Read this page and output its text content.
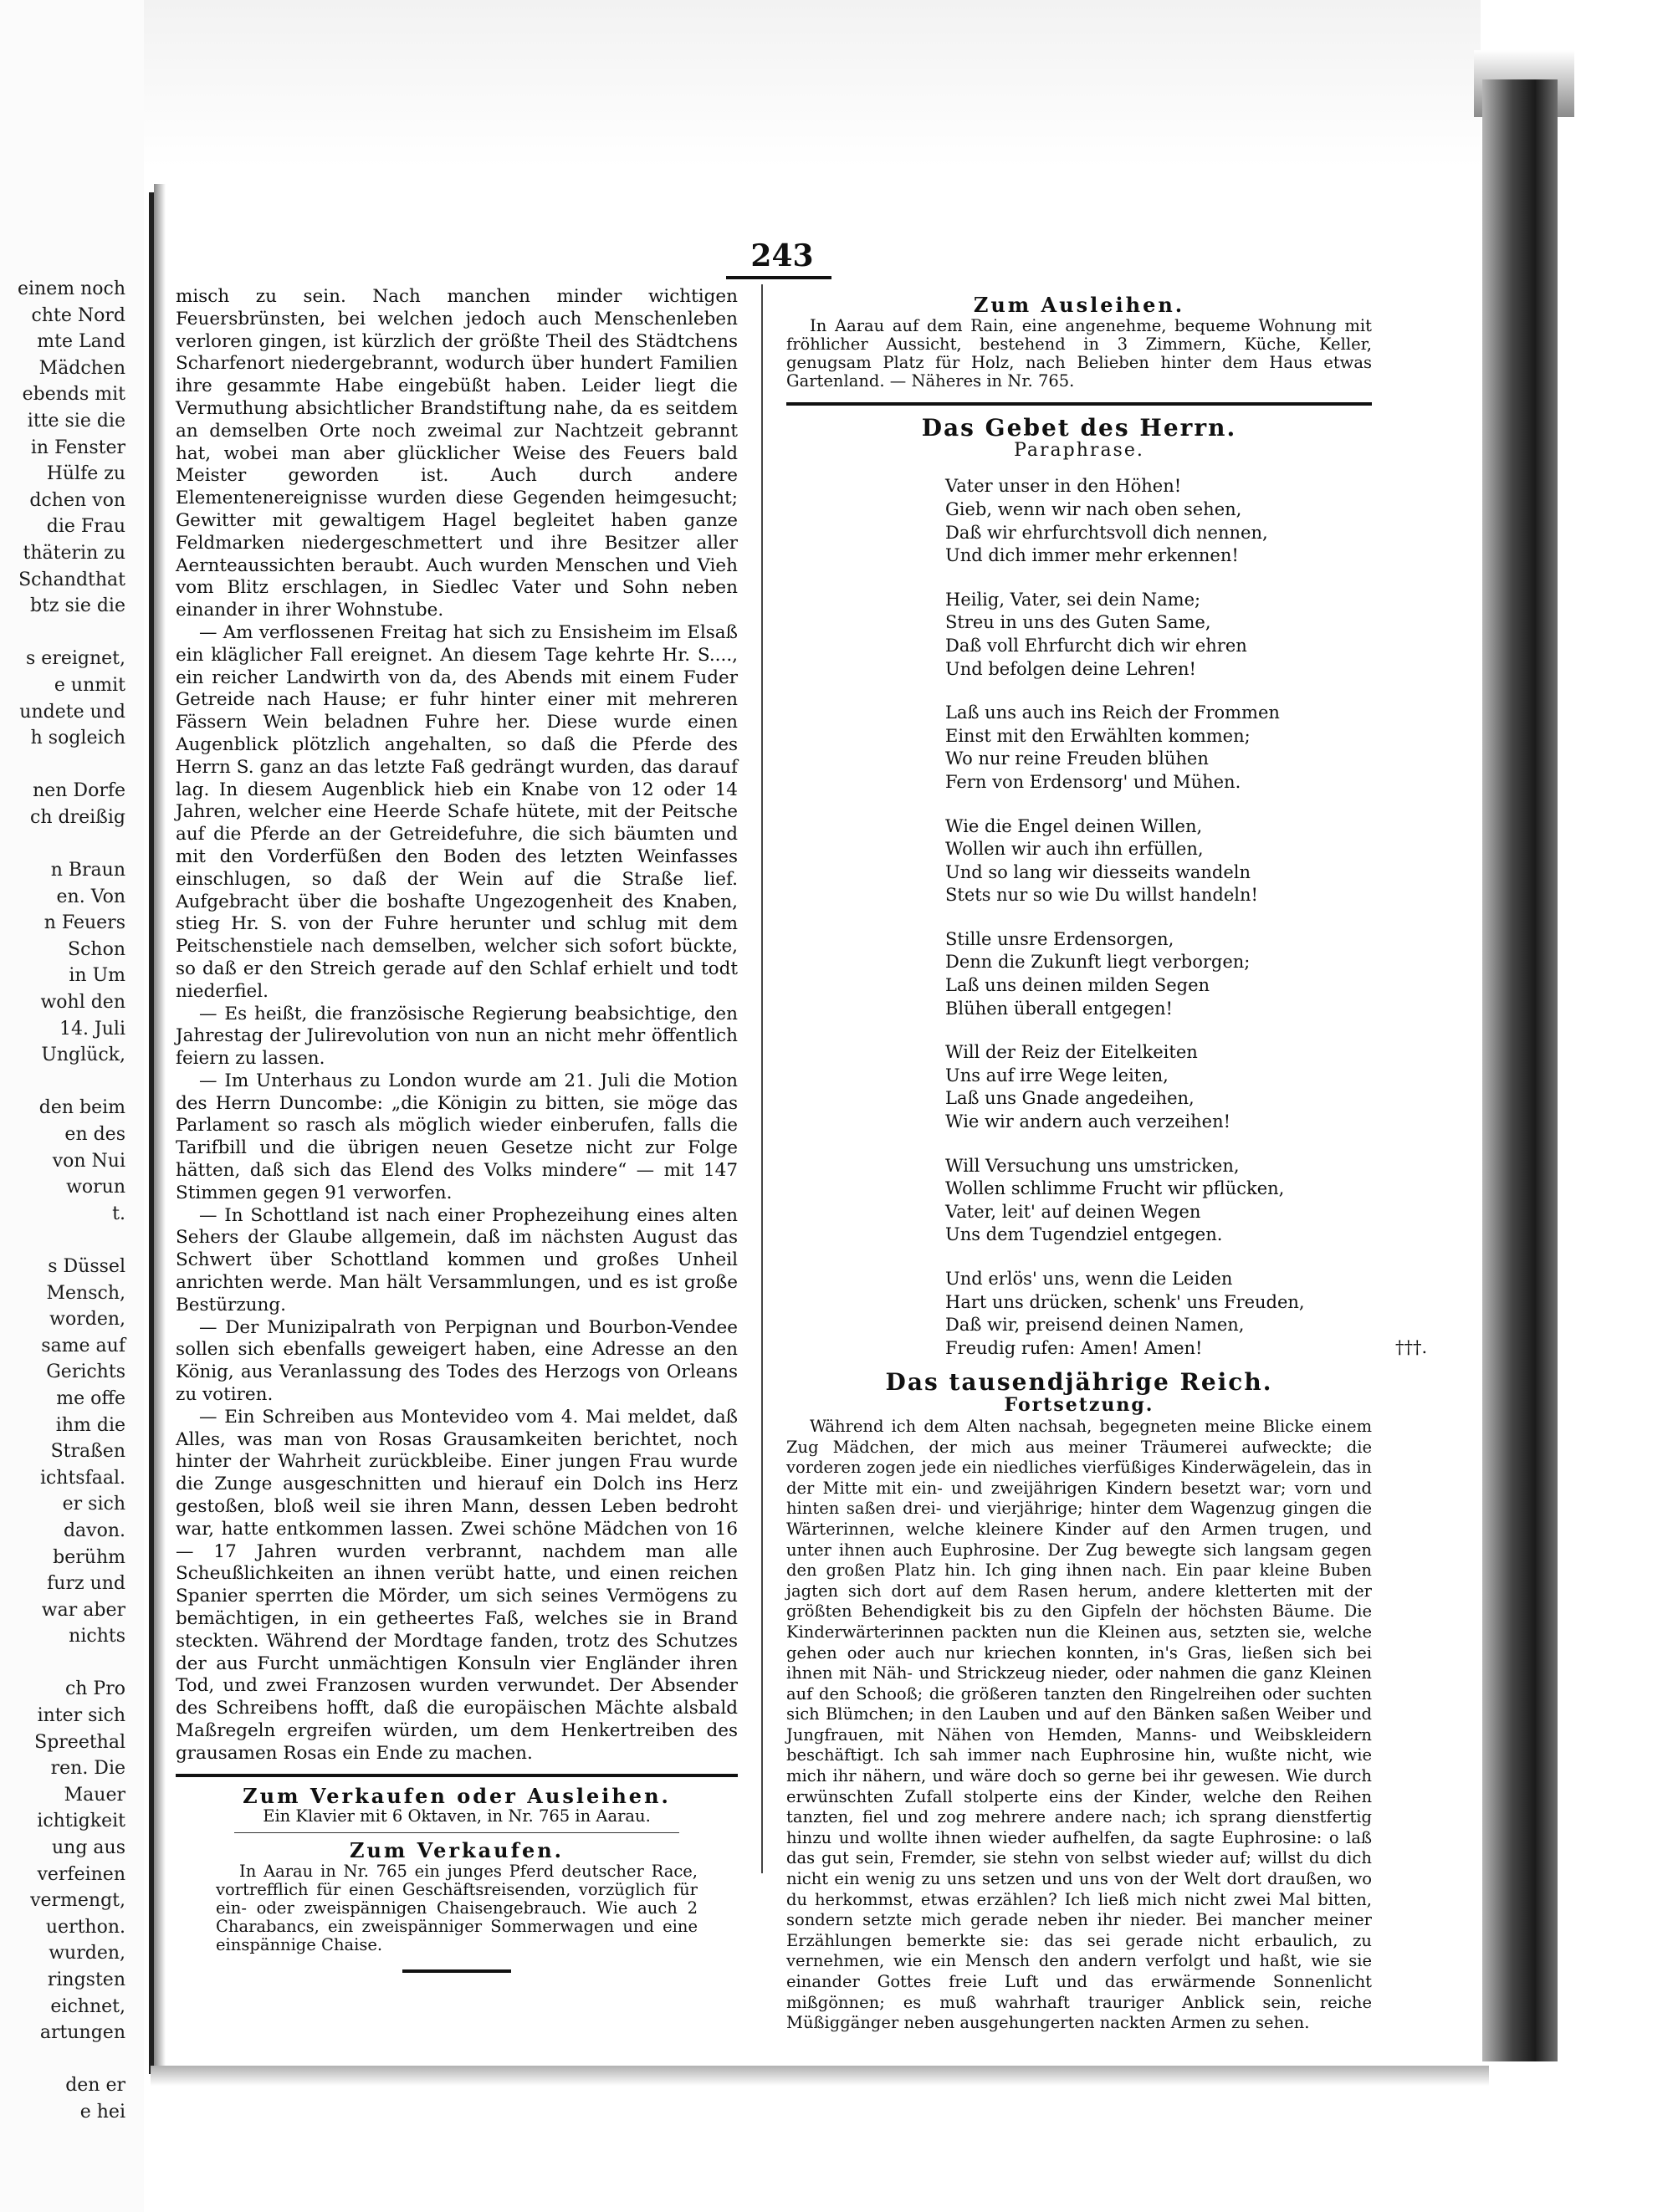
einem noch
chte Nord
mte Land
Mädchen
ebends mit
itte sie die
in Fenster
Hülfe zu
dchen von
die Frau
thäterin zu
Schandthat
btz sie die

s ereignet,
e unmit
undete und
h sogleich

nen Dorfe
ch dreißig

n Braun
en. Von
n Feuers
Schon
in Um
wohl den
14. Juli
Unglück,

den beim
en des
von Nui
worun
t.

s Düssel
Mensch,
worden,
same auf
Gerichts
me offe
ihm die
Straßen
ichtsfaal.
er sich
davon.
berühm
furz und
war aber
nichts

ch Pro
inter sich
Spreethal
ren. Die
Mauer
ichtigkeit
ung aus
verfeinen
vermengt,
uerthon.
wurden,
ringsten
eichnet,
artungen

den er
e hei
243

misch zu sein. Nach manchen minder wichtigen Feuersbrünsten, bei welchen jedoch auch Menschenleben verloren gingen, ist kürzlich der größte Theil des Städtchens Scharfenort niedergebrannt, wodurch über hundert Familien ihre gesammte Habe eingebüßt haben. Leider liegt die Vermuthung absichtlicher Brandstiftung nahe, da es seitdem an demselben Orte noch zweimal zur Nachtzeit gebrannt hat, wobei man aber glücklicher Weise des Feuers bald Meister geworden ist. Auch durch andere Elementenereignisse wurden diese Gegenden heimgesucht; Gewitter mit gewaltigem Hagel begleitet haben ganze Feldmarken niedergeschmettert und ihre Besitzer aller Aernteaussichten beraubt. Auch wurden Menschen und Vieh vom Blitz erschlagen, in Siedlec Vater und Sohn neben einander in ihrer Wohnstube.

— Am verflossenen Freitag hat sich zu Ensisheim im Elsaß ein kläglicher Fall ereignet. An diesem Tage kehrte Hr. S...., ein reicher Landwirth von da, des Abends mit einem Fuder Getreide nach Hause; er fuhr hinter einer mit mehreren Fässern Wein beladnen Fuhre her. Diese wurde einen Augenblick plötzlich angehalten, so daß die Pferde des Herrn S. ganz an das letzte Faß gedrängt wurden, das darauf lag. In diesem Augenblick hieb ein Knabe von 12 oder 14 Jahren, welcher eine Heerde Schafe hütete, mit der Peitsche auf die Pferde an der Getreidefuhre, die sich bäumten und mit den Vorderfüßen den Boden des letzten Weinfasses einschlugen, so daß der Wein auf die Straße lief. Aufgebracht über die boshafte Ungezogenheit des Knaben, stieg Hr. S. von der Fuhre herunter und schlug mit dem Peitschenstiele nach demselben, welcher sich sofort bückte, so daß er den Streich gerade auf den Schlaf erhielt und todt niederfiel.

— Es heißt, die französische Regierung beabsichtige, den Jahrestag der Julirevolution von nun an nicht mehr öffentlich feiern zu lassen.

— Im Unterhaus zu London wurde am 21. Juli die Motion des Herrn Duncombe: „die Königin zu bitten, sie möge das Parlament so rasch als möglich wieder einberufen, falls die Tarifbill und die übrigen neuen Gesetze nicht zur Folge hätten, daß sich das Elend des Volks mindere“ — mit 147 Stimmen gegen 91 verworfen.

— In Schottland ist nach einer Prophezeihung eines alten Sehers der Glaube allgemein, daß im nächsten August das Schwert über Schottland kommen und großes Unheil anrichten werde. Man hält Versammlungen, und es ist große Bestürzung.

— Der Munizipalrath von Perpignan und Bourbon-Vendee sollen sich ebenfalls geweigert haben, eine Adresse an den König, aus Veranlassung des Todes des Herzogs von Orleans zu votiren.

— Ein Schreiben aus Montevideo vom 4. Mai meldet, daß Alles, was man von Rosas Grausamkeiten berichtet, noch hinter der Wahrheit zurückbleibe. Einer jungen Frau wurde die Zunge ausgeschnitten und hierauf ein Dolch ins Herz gestoßen, bloß weil sie ihren Mann, dessen Leben bedroht war, hatte entkommen lassen. Zwei schöne Mädchen von 16 — 17 Jahren wurden verbrannt, nachdem man alle Scheußlichkeiten an ihnen verübt hatte, und einen reichen Spanier sperrten die Mörder, um sich seines Vermögens zu bemächtigen, in ein getheertes Faß, welches sie in Brand steckten. Während der Mordtage fanden, trotz des Schutzes der aus Furcht unmächtigen Konsuln vier Engländer ihren Tod, und zwei Franzosen wurden verwundet. Der Absender des Schreibens hofft, daß die europäischen Mächte alsbald Maßregeln ergreifen würden, um dem Henkertreiben des grausamen Rosas ein Ende zu machen.

Zum Verkaufen oder Ausleihen.

Ein Klavier mit 6 Oktaven, in Nr. 765 in Aarau.

Zum Verkaufen.

In Aarau in Nr. 765 ein junges Pferd deutscher Race, vortrefflich für einen Geschäftsreisenden, vorzüglich für ein- oder zweispännigen Chaisengebrauch. Wie auch 2 Charabancs, ein zweispänniger Sommerwagen und eine einspännige Chaise.

Zum Ausleihen.

In Aarau auf dem Rain, eine angenehme, bequeme Wohnung mit fröhlicher Aussicht, bestehend in 3 Zimmern, Küche, Keller, genugsam Platz für Holz, nach Belieben hinter dem Haus etwas Gartenland. — Näheres in Nr. 765.

Das Gebet des Herrn.
Paraphrase.
Vater unser in den Höhen!
Gieb, wenn wir nach oben sehen,
Daß wir ehrfurchtsvoll dich nennen,
Und dich immer mehr erkennen!
Heilig, Vater, sei dein Name;
Streu in uns des Guten Same,
Daß voll Ehrfurcht dich wir ehren
Und befolgen deine Lehren!
Laß uns auch ins Reich der Frommen
Einst mit den Erwählten kommen;
Wo nur reine Freuden blühen
Fern von Erdensorg' und Mühen.
Wie die Engel deinen Willen,
Wollen wir auch ihn erfüllen,
Und so lang wir diesseits wandeln
Stets nur so wie Du willst handeln!
Stille unsre Erdensorgen,
Denn die Zukunft liegt verborgen;
Laß uns deinen milden Segen
Blühen überall entgegen!
Will der Reiz der Eitelkeiten
Uns auf irre Wege leiten,
Laß uns Gnade angedeihen,
Wie wir andern auch verzeihen!
Will Versuchung uns umstricken,
Wollen schlimme Frucht wir pflücken,
Vater, leit' auf deinen Wegen
Uns dem Tugendziel entgegen.
Und erlös' uns, wenn die Leiden
Hart uns drücken, schenk' uns Freuden,
Daß wir, preisend deinen Namen,
Freudig rufen: Amen! Amen!	†††.
Das tausendjährige Reich.
Fortsetzung.

Während ich dem Alten nachsah, begegneten meine Blicke einem Zug Mädchen, der mich aus meiner Träumerei aufweckte; die vorderen zogen jede ein niedliches vierfüßiges Kinderwägelein, das in der Mitte mit ein- und zweijährigen Kindern besetzt war; vorn und hinten saßen drei- und vierjährige; hinter dem Wagenzug gingen die Wärterinnen, welche kleinere Kinder auf den Armen trugen, und unter ihnen auch Euphrosine. Der Zug bewegte sich langsam gegen den großen Platz hin. Ich ging ihnen nach. Ein paar kleine Buben jagten sich dort auf dem Rasen herum, andere kletterten mit der größten Behendigkeit bis zu den Gipfeln der höchsten Bäume. Die Kinderwärterinnen packten nun die Kleinen aus, setzten sie, welche gehen oder auch nur kriechen konnten, in's Gras, ließen sich bei ihnen mit Näh- und Strickzeug nieder, oder nahmen die ganz Kleinen auf den Schooß; die größeren tanzten den Ringelreihen oder suchten sich Blümchen; in den Lauben und auf den Bänken saßen Weiber und Jungfrauen, mit Nähen von Hemden, Manns- und Weibskleidern beschäftigt. Ich sah immer nach Euphrosine hin, wußte nicht, wie mich ihr nähern, und wäre doch so gerne bei ihr gewesen. Wie durch erwünschten Zufall stolperte eins der Kinder, welche den Reihen tanzten, fiel und zog mehrere andere nach; ich sprang dienstfertig hinzu und wollte ihnen wieder aufhelfen, da sagte Euphrosine: o laß das gut sein, Fremder, sie stehn von selbst wieder auf; willst du dich nicht ein wenig zu uns setzen und uns von der Welt dort draußen, wo du herkommst, etwas erzählen? Ich ließ mich nicht zwei Mal bitten, sondern setzte mich gerade neben ihr nieder. Bei mancher meiner Erzählungen bemerkte sie: das sei gerade nicht erbaulich, zu vernehmen, wie ein Mensch den andern verfolgt und haßt, wie sie einander Gottes freie Luft und das erwärmende Sonnenlicht mißgönnen; es muß wahrhaft trauriger Anblick sein, reiche Müßiggänger neben ausgehungerten nackten Armen zu sehen.
